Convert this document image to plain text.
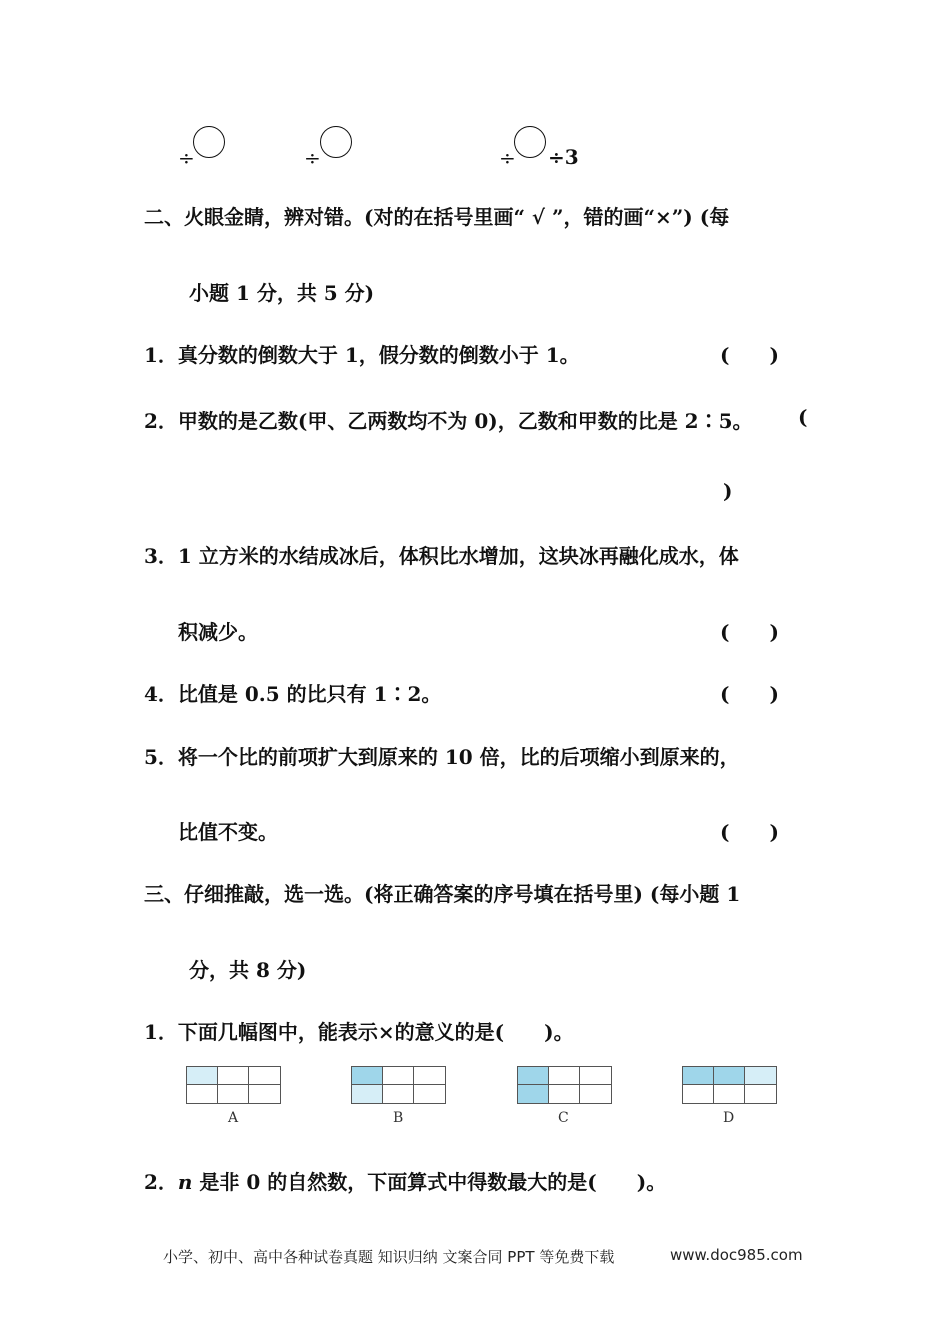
÷	÷	÷ ÷3
二、火眼金睛，辨对错。(对的在括号里画“ √ ”，错的画“×”) (每
小题 1 分，共 5 分)
1．真分数的倒数大于 1，假分数的倒数小于 1。	(　　)
2．甲数的是乙数(甲、乙两数均不为 0)，乙数和甲数的比是 2∶5。 (
)
3．1 立方米的水结成冰后，体积比水增加，这块冰再融化成水，体
积减少。	(　　)
4．比值是 0.5 的比只有 1∶2。	(　　)
5．将一个比的前项扩大到原来的 10 倍，比的后项缩小到原来的，
比值不变。	(　　)
三、仔细推敲，选一选。(将正确答案的序号填在括号里) (每小题 1
分，共 8 分)
1．下面几幅图中，能表示×的意义的是(　　)。
A	B	C	D
2．n 是非 0 的自然数，下面算式中得数最大的是(　　)。
小学、初中、高中各种试卷真题 知识归纳 文案合同 PPT 等免费下载	www.doc985.com
